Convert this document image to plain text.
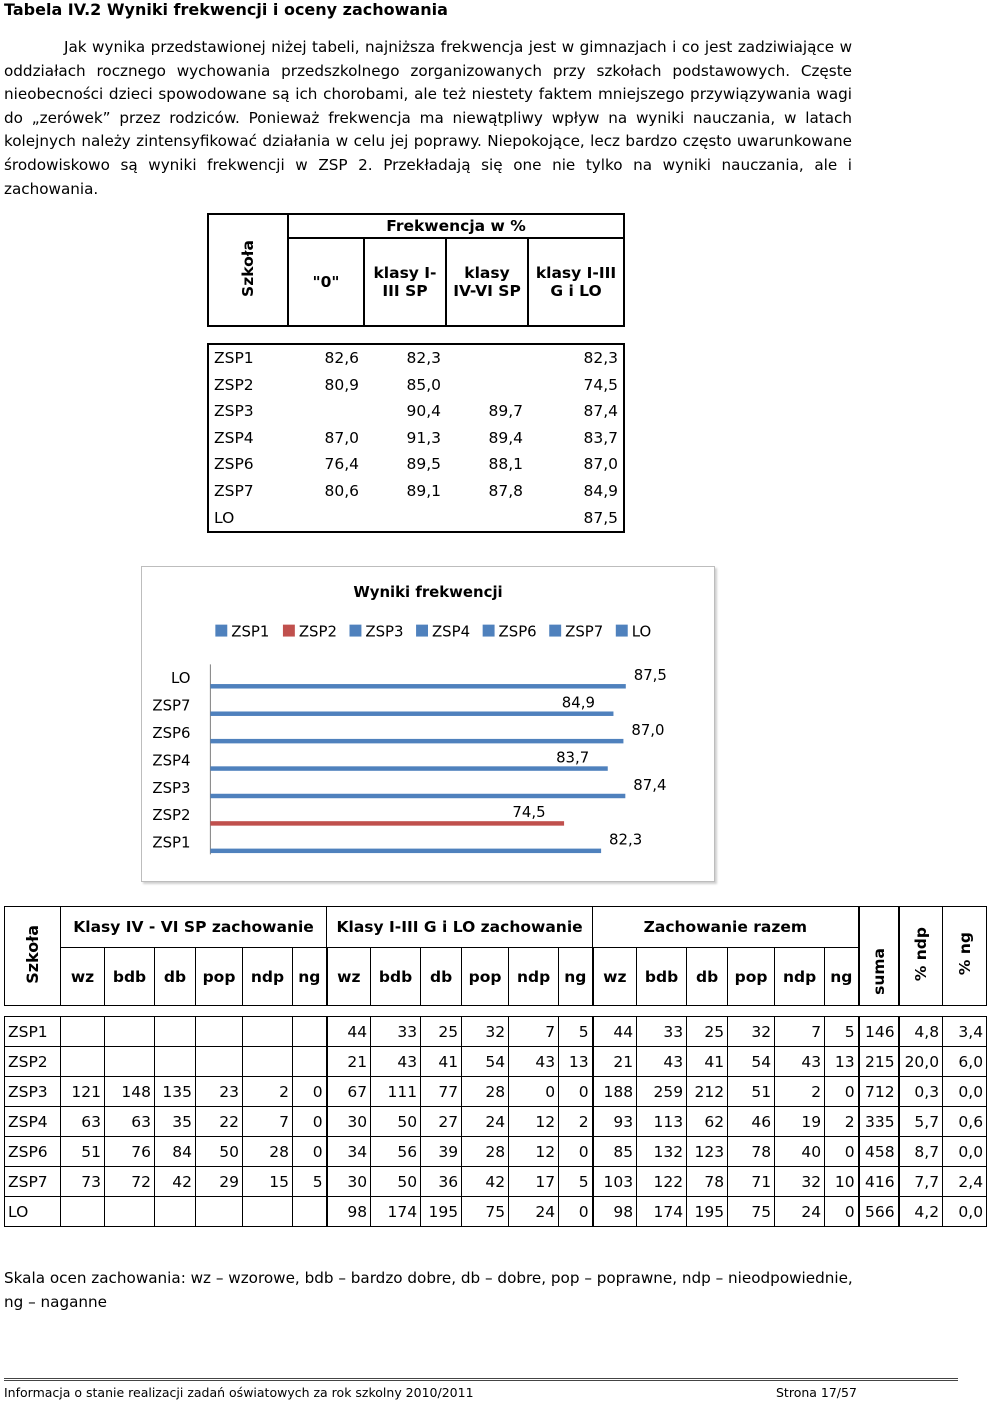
Tabela IV.2 Wyniki frekwencji i oceny zachowania
Jak wynika przedstawionej niżej tabeli, najniższa frekwencja jest w gimnazjach i co jest zadziwiające w oddziałach rocznego wychowania przedszkolnego zorganizowanych przy szkołach podstawowych. Częste nieobecności dzieci spowodowane są ich chorobami, ale też niestety faktem mniejszego przywiązywania wagi do „zerówek” przez rodziców. Ponieważ frekwencja ma niewątpliwy wpływ na wyniki nauczania, w latach kolejnych należy zintensyfikować działania w celu jej poprawy. Niepokojące, lecz bardzo często uwarunkowane środowiskowo są wyniki frekwencji w ZSP 2. Przekładają się one nie tylko na wyniki nauczania, ale i zachowania.
Szkoła	Frekwencja w %			
	"0"	klasy I-III SP	klasy IV-VI SP	klasy I-III G i LO

ZSP1	82,6	82,3		82,3
ZSP2	80,9	85,0		74,5
ZSP3		90,4	89,7	87,4
ZSP4	87,0	91,3	89,4	83,7
ZSP6	76,4	89,5	88,1	87,0
ZSP7	80,6	89,1	87,8	84,9
LO				87,5
Wyniki frekwencji
ZSP1 ZSP2 ZSP3 ZSP4 ZSP6 ZSP7 LO
LO	87,5
ZSP7	84,9
ZSP6	87,0
ZSP4	83,7
ZSP3	87,4
ZSP2	74,5
ZSP1	82,3
Szkoła	Klasy IV - VI SP zachowanie						Klasy I-III G i LO zachowanie						Zachowanie razem						suma	% ndp	% ng
	wz	bdb	db	pop	ndp	ng	wz	bdb	db	pop	ndp	ng	wz	bdb	db	pop	ndp	ng			

ZSP1							44	33	25	32	7	5	44	33	25	32	7	5	146	4,8	3,4
ZSP2							21	43	41	54	43	13	21	43	41	54	43	13	215	20,0	6,0
ZSP3	121	148	135	23	2	0	67	111	77	28	0	0	188	259	212	51	2	0	712	0,3	0,0
ZSP4	63	63	35	22	7	0	30	50	27	24	12	2	93	113	62	46	19	2	335	5,7	0,6
ZSP6	51	76	84	50	28	0	34	56	39	28	12	0	85	132	123	78	40	0	458	8,7	0,0
ZSP7	73	72	42	29	15	5	30	50	36	42	17	5	103	122	78	71	32	10	416	7,7	2,4
LO							98	174	195	75	24	0	98	174	195	75	24	0	566	4,2	0,0
Skala ocen zachowania: wz – wzorowe, bdb – bardzo dobre, db – dobre, pop – poprawne, ndp – nieodpowiednie, ng – naganne
Informacja o stanie realizacji zadań oświatowych za rok szkolny 2010/2011	Strona 17/57
